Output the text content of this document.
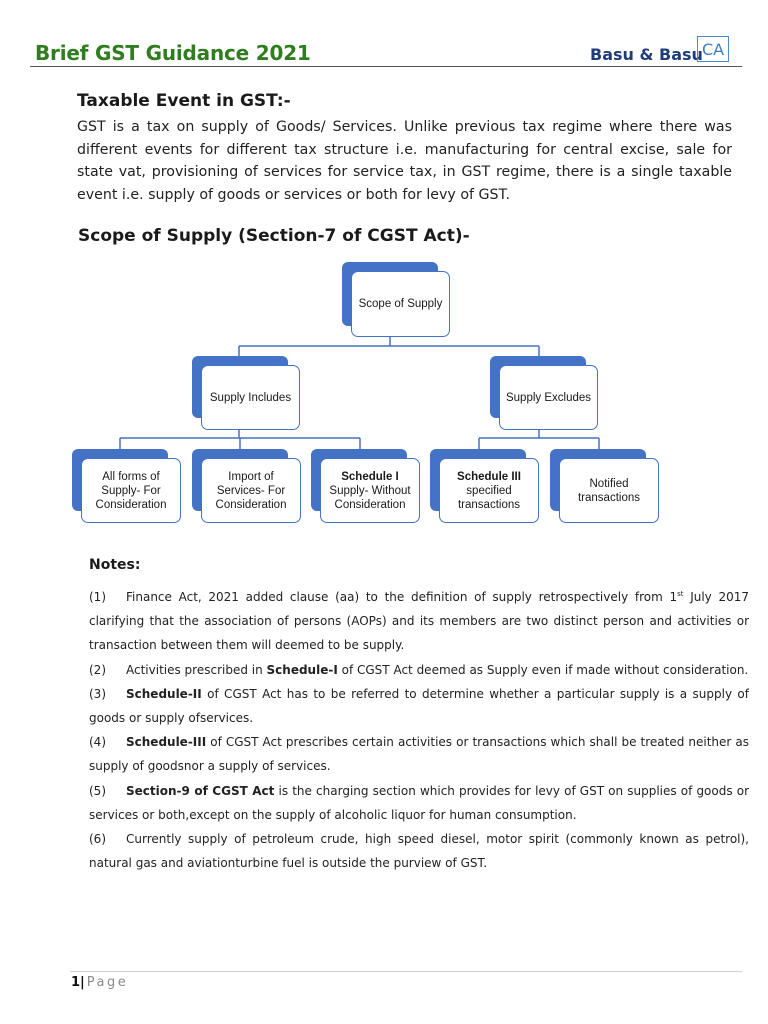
Brief GST Guidance 2021	Basu & Basu CA
Taxable Event in GST:-
GST is a tax on supply of Goods/ Services. Unlike previous tax regime where there was different events for different tax structure i.e. manufacturing for central excise, sale for state vat, provisioning of services for service tax, in GST regime, there is a single taxable event i.e. supply of goods or services or both for levy of GST.
Scope of Supply (Section-7 of CGST Act)-
Scope of Supply
Supply Includes	Supply Excludes
All forms of Supply- For Consideration
Import of Services- For Consideration
Schedule I Supply- Without Consideration
Schedule III
specified transactions
Notified transactions
Notes:
(1) Finance Act, 2021 added clause (aa) to the definition of supply retrospectively from 1st July 2017 clarifying that the association of persons (AOPs) and its members are two distinct person and activities or transaction between them will deemed to be supply.
(2) Activities prescribed in Schedule-I of CGST Act deemed as Supply even if made without consideration.
(3) Schedule-II of CGST Act has to be referred to determine whether a particular supply is a supply of goods or supply ofservices.
(4) Schedule-III of CGST Act prescribes certain activities or transactions which shall be treated neither as supply of goodsnor a supply of services.
(5) Section-9 of CGST Act is the charging section which provides for levy of GST on supplies of goods or services or both,except on the supply of alcoholic liquor for human consumption.
(6) Currently supply of petroleum crude, high speed diesel, motor spirit (commonly known as petrol), natural gas and aviationturbine fuel is outside the purview of GST.
1| Page
